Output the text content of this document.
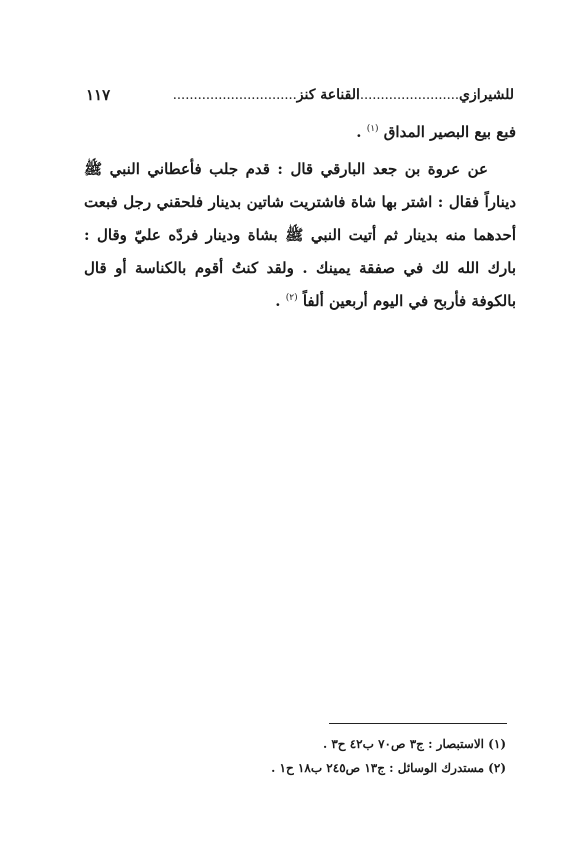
للشيرازي
........................
القناعة كنز
..............................
١١٧

فبع بيع البصير المداق $^{(١)}$ .

عن عروة بن جعد البارقي قال : قدم جلب فأعطاني النبي ﷺ ديناراً فقال : اشتر بها شاة فاشتريت شاتين بدينار فلحقني رجل فبعت أحدهما منه بدينار ثم أتيت النبي ﷺ بشاة ودينار فردّه عليّ وقال : بارك الله لك في صفقة يمينك . ولقد كنتُ أقوم بالكناسة أو قال بالكوفة فأربح في اليوم أربعين ألفاً $^{(٢)}$ .

(١) الاستبصار : ج٣ ص٧٠ ب٤٢ ح٣ .

(٢) مستدرك الوسائل : ج١٣ ص٢٤٥ ب١٨ ح١ .
